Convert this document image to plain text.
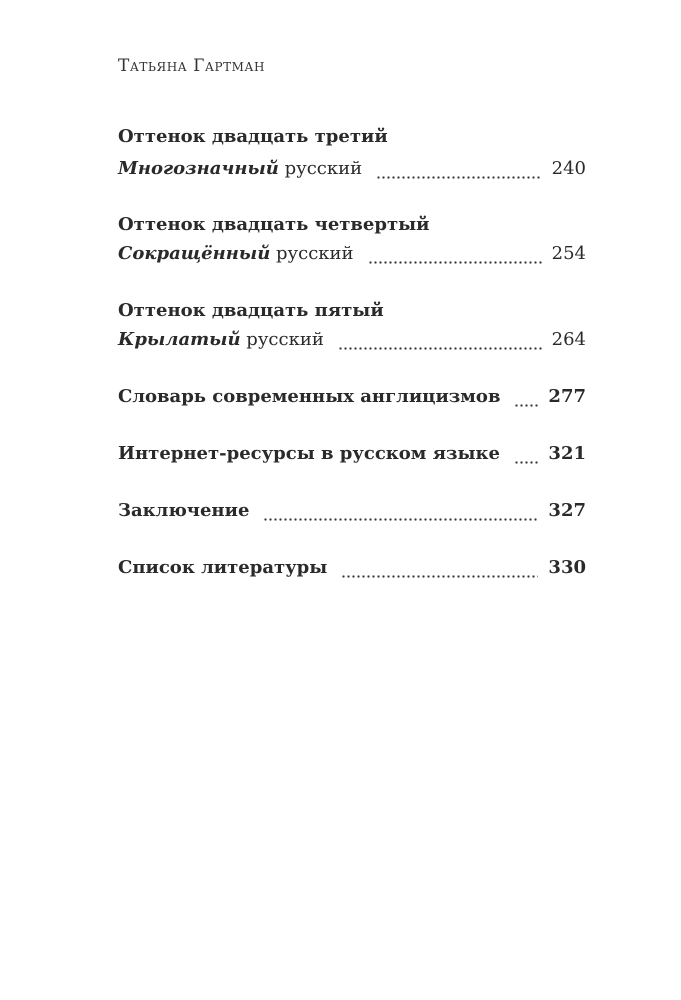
Татьяна Гартман
Оттенок двадцать третий
Многозначный русский	240
Оттенок двадцать четвертый
Сокращённый русский	254
Оттенок двадцать пятый
Крылатый русский	264
Словарь современных англицизмов	277
Интернет-ресурсы в русском языке	321
Заключение	327
Список литературы	330
